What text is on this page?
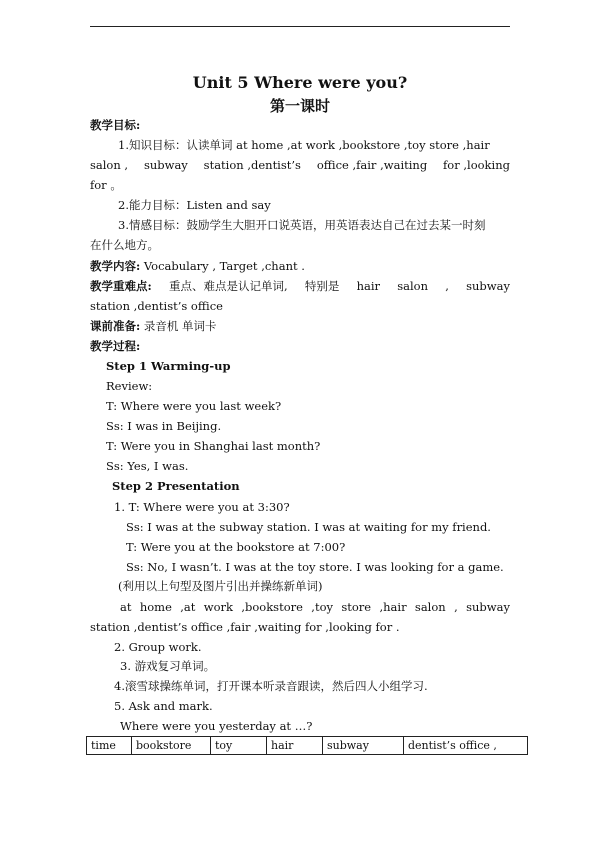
Unit 5 Where were you?
第一课时
教学目标:
1.知识目标：认读单词 at home ,at work ,bookstore ,toy store ,hair
salon , subway station ,dentist’s office ,fair ,waiting for ,looking
for 。
2.能力目标：Listen and say
3.情感目标：鼓励学生大胆开口说英语，用英语表达自己在过去某一时刻
在什么地方。
教学内容: Vocabulary , Target ,chant .
教学重难点: 重点、难点是认记单词, 特别是 hair salon , subway
station ,dentist’s office
课前准备: 录音机 单词卡
教学过程:
Step 1 Warming-up
Review:
T: Where were you last week?
Ss: I was in Beijing.
T: Were you in Shanghai last month?
Ss: Yes, I was.
Step 2 Presentation
1. T: Where were you at 3:30?
Ss: I was at the subway station. I was at waiting for my friend.
T: Were you at the bookstore at 7:00?
Ss: No, I wasn’t. I was at the toy store. I was looking for a game.
(利用以上句型及图片引出并操练新单词)
at home ,at work ,bookstore ,toy store ,hair salon , subway
station ,dentist’s office ,fair ,waiting for ,looking for .
2. Group work.
3. 游戏复习单词。
4.滚雪球操练单词，打开课本听录音跟读，然后四人小组学习.
5. Ask and mark.
Where were you yesterday at …?
time	bookstore	toy	hair	subway	dentist’s office ,
